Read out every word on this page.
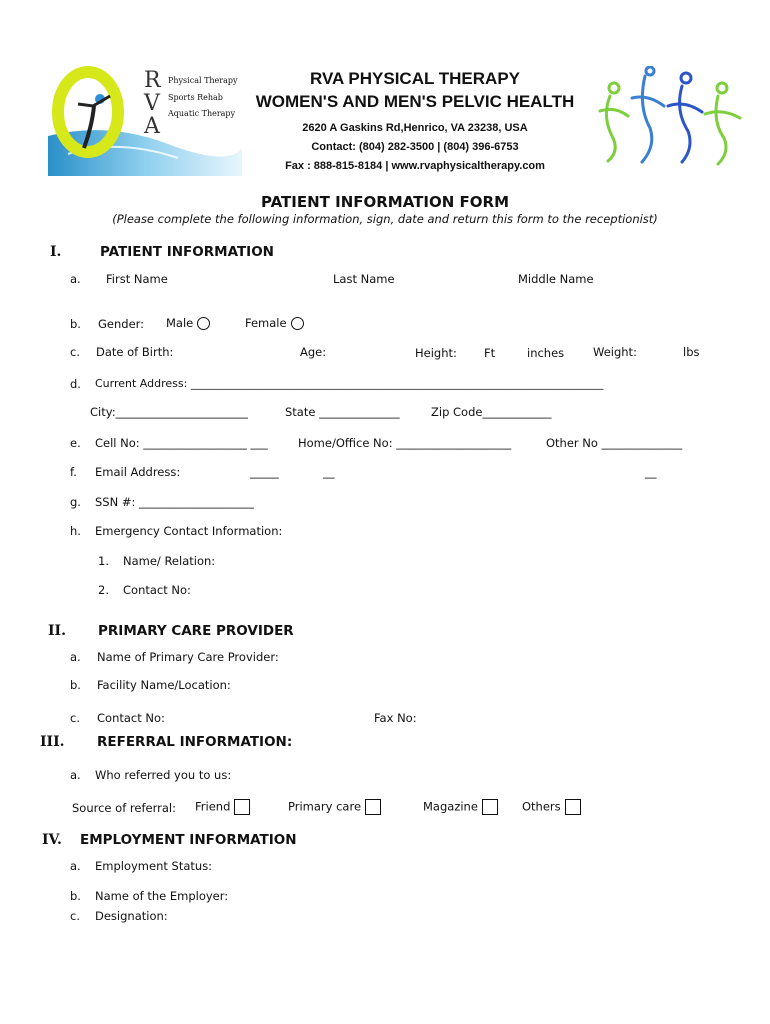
R
V
A
Physical Therapy
Sports Rehab
Aquatic Therapy
RVA PHYSICAL THERAPY
WOMEN'S AND MEN'S PELVIC HEALTH
2620 A Gaskins Rd,Henrico, VA 23238, USA
Contact: (804) 282-3500 | (804) 396-6753
Fax : 888-815-8184 | www.rvaphysicaltherapy.com
PATIENT INFORMATION FORM
(Please complete the following information, sign, date and return this form to the receptionist)
I.	PATIENT INFORMATION
a. First Name	Last Name	Middle Name
b. Gender: Male	Female
c. Date of Birth:	Age:	Height: Ft	inches	Weight:	lbs
d. Current Address: ___________________________________________________________________________
City:_______________________	State ______________	Zip Code____________
e. Cell No: __________________ ___	Home/Office No: ____________________	Other No ______________
f. Email Address:	_____	__	__
g. SSN #: ____________________
h. Emergency Contact Information:
1. Name/ Relation:
2. Contact No:
II. PRIMARY CARE PROVIDER
a. Name of Primary Care Provider:
b. Facility Name/Location:
c. Contact No:	Fax No:
III. REFERRAL INFORMATION:
a. Who referred you to us:
Source of referral: Friend	Primary care	Magazine	Others
IV. EMPLOYMENT INFORMATION
a. Employment Status:
b. Name of the Employer:
c. Designation:
